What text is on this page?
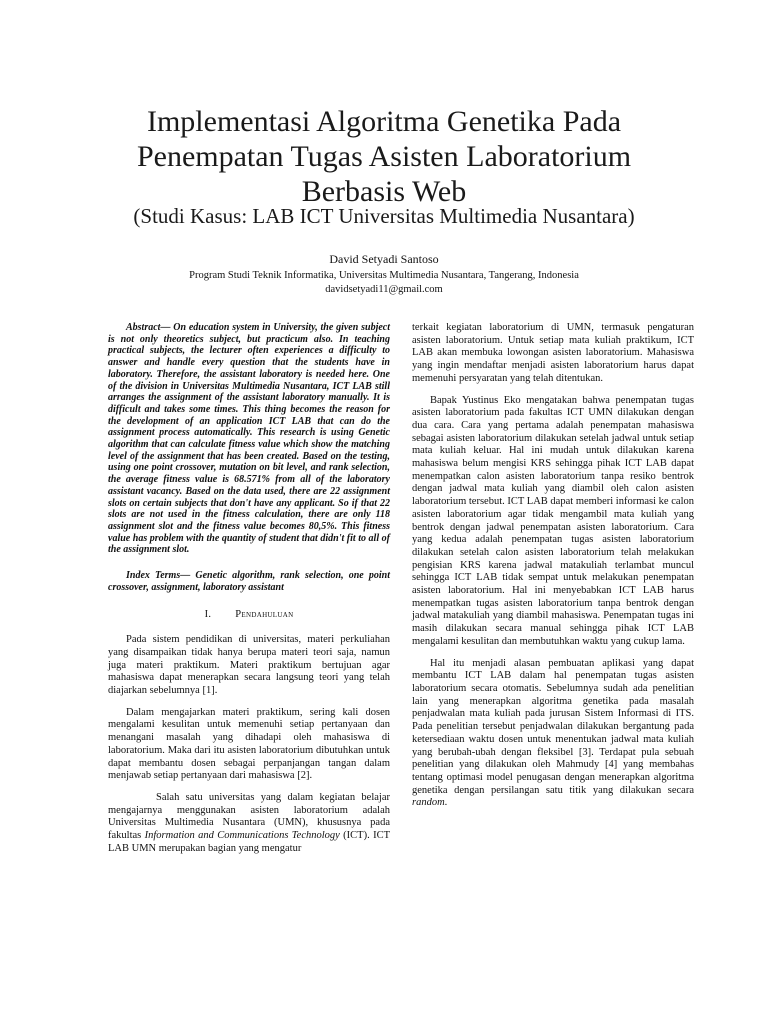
Implementasi Algoritma Genetika Pada
Penempatan Tugas Asisten Laboratorium
Berbasis Web
(Studi Kasus: LAB ICT Universitas Multimedia Nusantara)
David Setyadi Santoso
Program Studi Teknik Informatika, Universitas Multimedia Nusantara, Tangerang, Indonesia
davidsetyadi11@gmail.com

Abstract— On education system in University, the given subject is not only theoretics subject, but practicum also. In teaching practical subjects, the lecturer often experiences a difficulty to answer and handle every question that the students have in laboratory. Therefore, the assistant laboratory is needed here. One of the division in Universitas Multimedia Nusantara, ICT LAB still arranges the assignment of the assistant laboratory manually. It is difficult and takes some times. This thing becomes the reason for the development of an application ICT LAB that can do the assignment process automatically. This research is using Genetic algorithm that can calculate fitness value which show the matching level of the assignment that has been created. Based on the testing, using one point crossover, mutation on bit level, and rank selection, the average fitness value is 68.571% from all of the laboratory assistant vacancy. Based on the data used, there are 22 assignment slots on certain subjects that don't have any applicant. So if that 22 slots are not used in the fitness calculation, there are only 118 assignment slot and the fitness value becomes 80,5%. This fitness value has problem with the quantity of student that didn't fit to all of the assignment slot.

Index Terms— Genetic algorithm, rank selection, one point crossover, assignment, laboratory assistant

I. Pendahuluan

Pada sistem pendidikan di universitas, materi perkuliahan yang disampaikan tidak hanya berupa materi teori saja, namun juga materi praktikum. Materi praktikum bertujuan agar mahasiswa dapat menerapkan secara langsung teori yang telah diajarkan sebelumnya [1].

Dalam mengajarkan materi praktikum, sering kali dosen mengalami kesulitan untuk memenuhi setiap pertanyaan dan menangani masalah yang dihadapi oleh mahasiswa di laboratorium. Maka dari itu asisten laboratorium dibutuhkan untuk dapat membantu dosen sebagai perpanjangan tangan dalam menjawab setiap pertanyaan dari mahasiswa [2].

Salah satu universitas yang dalam kegiatan belajar mengajarnya menggunakan asisten laboratorium adalah Universitas Multimedia Nusantara (UMN), khususnya pada fakultas Information and Communications Technology (ICT). ICT LAB UMN merupakan bagian yang mengatur

terkait kegiatan laboratorium di UMN, termasuk pengaturan asisten laboratorium. Untuk setiap mata kuliah praktikum, ICT LAB akan membuka lowongan asisten laboratorium. Mahasiswa yang ingin mendaftar menjadi asisten laboratorium harus dapat memenuhi persyaratan yang telah ditentukan.

Bapak Yustinus Eko mengatakan bahwa penempatan tugas asisten laboratorium pada fakultas ICT UMN dilakukan dengan dua cara. Cara yang pertama adalah penempatan mahasiswa sebagai asisten laboratorium dilakukan setelah jadwal untuk setiap mata kuliah keluar. Hal ini mudah untuk dilakukan karena mahasiswa belum mengisi KRS sehingga pihak ICT LAB dapat menempatkan calon asisten laboratorium tanpa resiko bentrok dengan jadwal mata kuliah yang diambil oleh calon asisten laboratorium tersebut. ICT LAB dapat memberi informasi ke calon asisten laboratorium agar tidak mengambil mata kuliah yang bentrok dengan jadwal penempatan asisten laboratorium. Cara yang kedua adalah penempatan tugas asisten laboratorium dilakukan setelah calon asisten laboratorium telah melakukan pengisian KRS karena jadwal matakuliah terlambat muncul sehingga ICT LAB tidak sempat untuk melakukan penempatan asisten laboratorium. Hal ini menyebabkan ICT LAB harus menempatkan tugas asisten laboratorium tanpa bentrok dengan jadwal matakuliah yang diambil mahasiswa. Penempatan tugas ini masih dilakukan secara manual sehingga pihak ICT LAB mengalami kesulitan dan membutuhkan waktu yang cukup lama.

Hal itu menjadi alasan pembuatan aplikasi yang dapat membantu ICT LAB dalam hal penempatan tugas asisten laboratorium secara otomatis. Sebelumnya sudah ada penelitian lain yang menerapkan algoritma genetika pada masalah penjadwalan mata kuliah pada jurusan Sistem Informasi di ITS. Pada penelitian tersebut penjadwalan dilakukan bergantung pada ketersediaan waktu dosen untuk menentukan jadwal mata kuliah yang berubah-ubah dengan fleksibel [3]. Terdapat pula sebuah penelitian yang dilakukan oleh Mahmudy [4] yang membahas tentang optimasi model penugasan dengan menerapkan algoritma genetika dengan persilangan satu titik yang dilakukan secara random.
